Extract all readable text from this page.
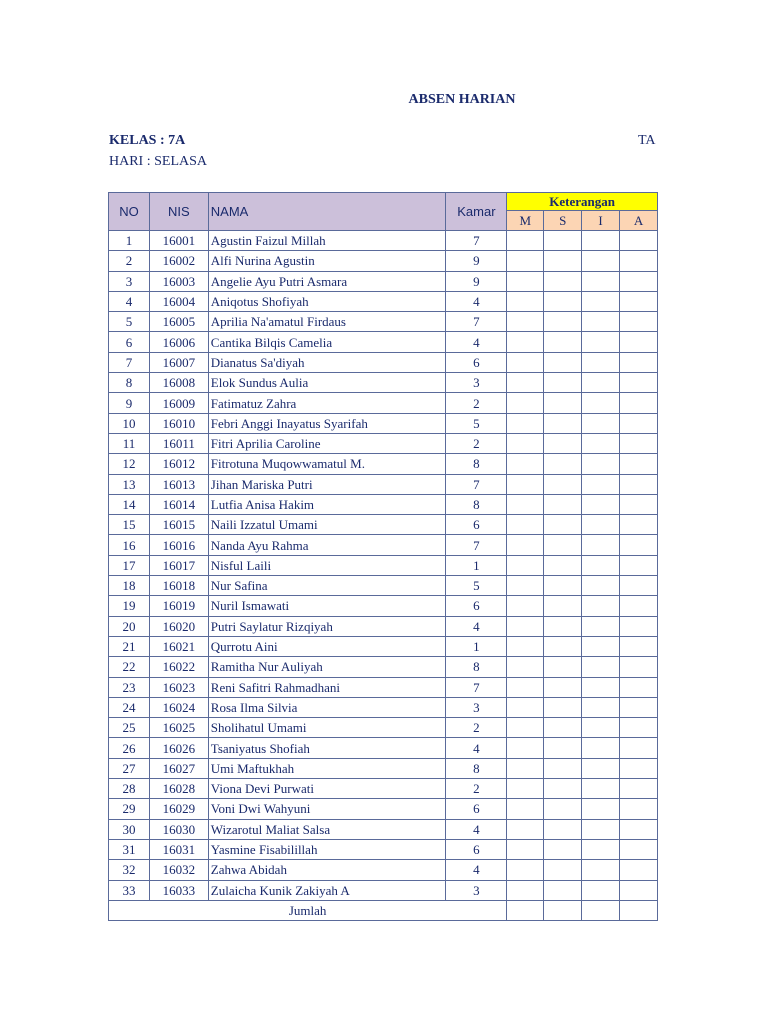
ABSEN HARIAN
KELAS : 7A	TA
HARI : SELASA
NO	NIS	NAMA	Kamar	Keterangan			
				M	S	I	A
1	16001	Agustin Faizul Millah	7				
2	16002	Alfi Nurina Agustin	9				
3	16003	Angelie Ayu Putri Asmara	9				
4	16004	Aniqotus Shofiyah	4				
5	16005	Aprilia Na'amatul Firdaus	7				
6	16006	Cantika Bilqis Camelia	4				
7	16007	Dianatus Sa'diyah	6				
8	16008	Elok Sundus Aulia	3				
9	16009	Fatimatuz Zahra	2				
10	16010	Febri Anggi Inayatus Syarifah	5				
11	16011	Fitri Aprilia Caroline	2				
12	16012	Fitrotuna Muqowwamatul M.	8				
13	16013	Jihan Mariska Putri	7				
14	16014	Lutfia Anisa Hakim	8				
15	16015	Naili Izzatul Umami	6				
16	16016	Nanda Ayu Rahma	7				
17	16017	Nisful Laili	1				
18	16018	Nur Safina	5				
19	16019	Nuril Ismawati	6				
20	16020	Putri Saylatur Rizqiyah	4				
21	16021	Qurrotu Aini	1				
22	16022	Ramitha Nur Auliyah	8				
23	16023	Reni Safitri Rahmadhani	7				
24	16024	Rosa Ilma Silvia	3				
25	16025	Sholihatul Umami	2				
26	16026	Tsaniyatus Shofiah	4				
27	16027	Umi Maftukhah	8				
28	16028	Viona Devi Purwati	2				
29	16029	Voni Dwi Wahyuni	6				
30	16030	Wizarotul Maliat Salsa	4				
31	16031	Yasmine Fisabilillah	6				
32	16032	Zahwa Abidah	4				
33	16033	Zulaicha Kunik Zakiyah A	3				
Jumlah							
